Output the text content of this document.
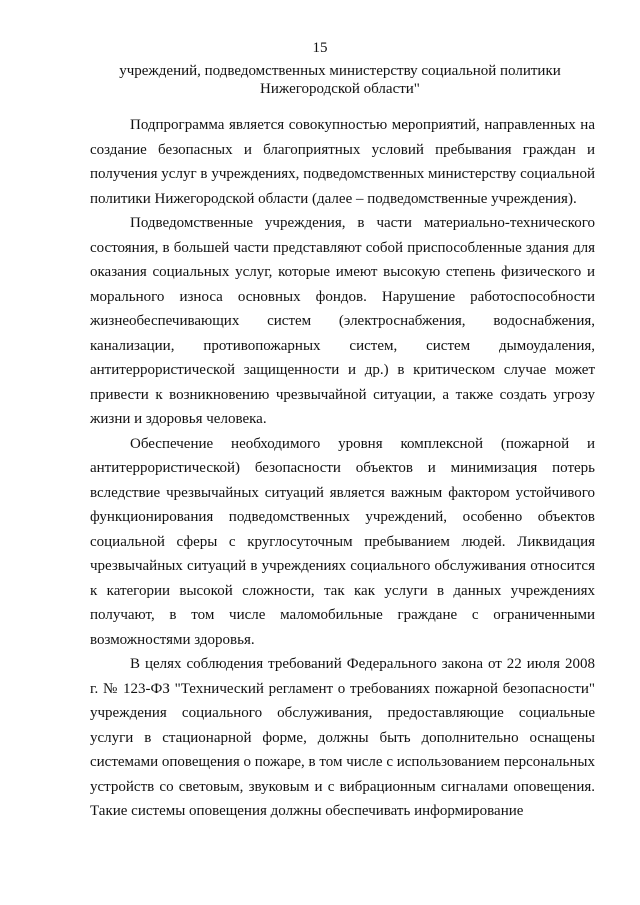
15
учреждений, подведомственных министерству социальной политики Нижегородской области"

Подпрограмма является совокупностью мероприятий, направленных на создание безопасных и благоприятных условий пребывания граждан и получения услуг в учреждениях, подведомственных министерству социальной политики Нижегородской области (далее – подведомственные учреждения).

Подведомственные учреждения, в части материально-технического состояния, в большей части представляют собой приспособленные здания для оказания социальных услуг, которые имеют высокую степень физического и морального износа основных фондов. Нарушение работоспособности жизнеобеспечивающих систем (электроснабжения, водоснабжения, канализации, противопожарных систем, систем дымоудаления, антитеррористической защищенности и др.) в критическом случае может привести к возникновению чрезвычайной ситуации, а также создать угрозу жизни и здоровья человека.

Обеспечение необходимого уровня комплексной (пожарной и антитеррористической) безопасности объектов и минимизация потерь вследствие чрезвычайных ситуаций является важным фактором устойчивого функционирования подведомственных учреждений, особенно объектов социальной сферы с круглосуточным пребыванием людей. Ликвидация чрезвычайных ситуаций в учреждениях социального обслуживания относится к категории высокой сложности, так как услуги в данных учреждениях получают, в том числе маломобильные граждане с ограниченными возможностями здоровья.

В целях соблюдения требований Федерального закона от 22 июля 2008 г. № 123-ФЗ "Технический регламент о требованиях пожарной безопасности" учреждения социального обслуживания, предоставляющие социальные услуги в стационарной форме, должны быть дополнительно оснащены системами оповещения о пожаре, в том числе с использованием персональных устройств со световым, звуковым и с вибрационным сигналами оповещения. Такие системы оповещения должны обеспечивать информирование
